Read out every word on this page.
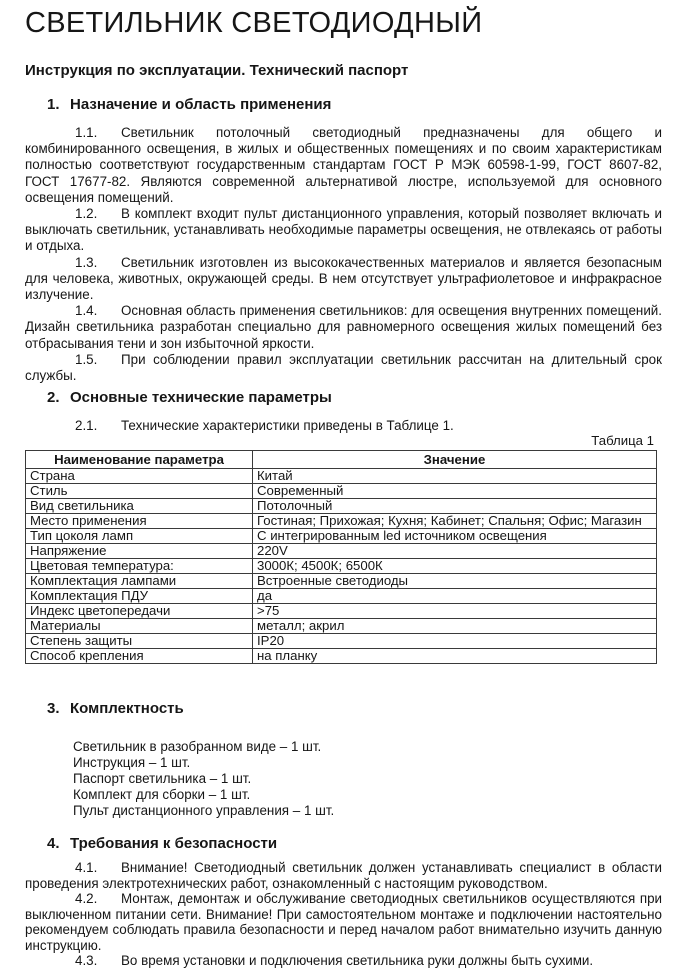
СВЕТИЛЬНИК СВЕТОДИОДНЫЙ
Инструкция по эксплуатации. Технический паспорт
1. Назначение и область применения

1.1. Светильник потолочный светодиодный предназначены для общего и комбинированного освещения, в жилых и общественных помещениях и по своим характеристикам полностью соответствуют государственным стандартам ГОСТ Р МЭК 60598-1-99, ГОСТ 8607-82, ГОСТ 17677-82. Являются современной альтернативой люстре, используемой для основного освещения помещений.

1.2. В комплект входит пульт дистанционного управления, который позволяет включать и выключать светильник, устанавливать необходимые параметры освещения, не отвлекаясь от работы и отдыха.

1.3. Светильник изготовлен из высококачественных материалов и является безопасным для человека, животных, окружающей среды. В нем отсутствует ультрафиолетовое и инфракрасное излучение.

1.4. Основная область применения светильников: для освещения внутренних помещений. Дизайн светильника разработан специально для равномерного освещения жилых помещений без отбрасывания тени и зон избыточной яркости.

1.5. При соблюдении правил эксплуатации светильник рассчитан на длительный срок службы.

2. Основные технические параметры

2.1. Технические характеристики приведены в Таблице 1.

Таблица 1
Наименование параметра	Значение
Страна	Китай
Стиль	Современный
Вид светильника	Потолочный
Место применения	Гостиная; Прихожая; Кухня; Кабинет; Спальня; Офис; Магазин
Тип цоколя ламп	С интегрированным led источником освещения
Напряжение	220V
Цветовая температура:	3000К; 4500К; 6500К
Комплектация лампами	Встроенные светодиоды
Комплектация ПДУ	да
Индекс цветопередачи	>75
Материалы	металл; акрил
Степень защиты	IP20
Способ крепления	на планку
3. Комплектность
Светильник в разобранном виде – 1 шт.
Инструкция – 1 шт.
Паспорт светильника – 1 шт.
Комплект для сборки – 1 шт.
Пульт дистанционного управления – 1 шт.
4. Требования к безопасности

4.1. Внимание! Светодиодный светильник должен устанавливать специалист в области проведения электротехнических работ, ознакомленный с настоящим руководством.

4.2. Монтаж, демонтаж и обслуживание светодиодных светильников осуществляются при выключенном питании сети. Внимание! При самостоятельном монтаже и подключении настоятельно рекомендуем соблюдать правила безопасности и перед началом работ внимательно изучить данную инструкцию.

4.3. Во время установки и подключения светильника руки должны быть сухими.
